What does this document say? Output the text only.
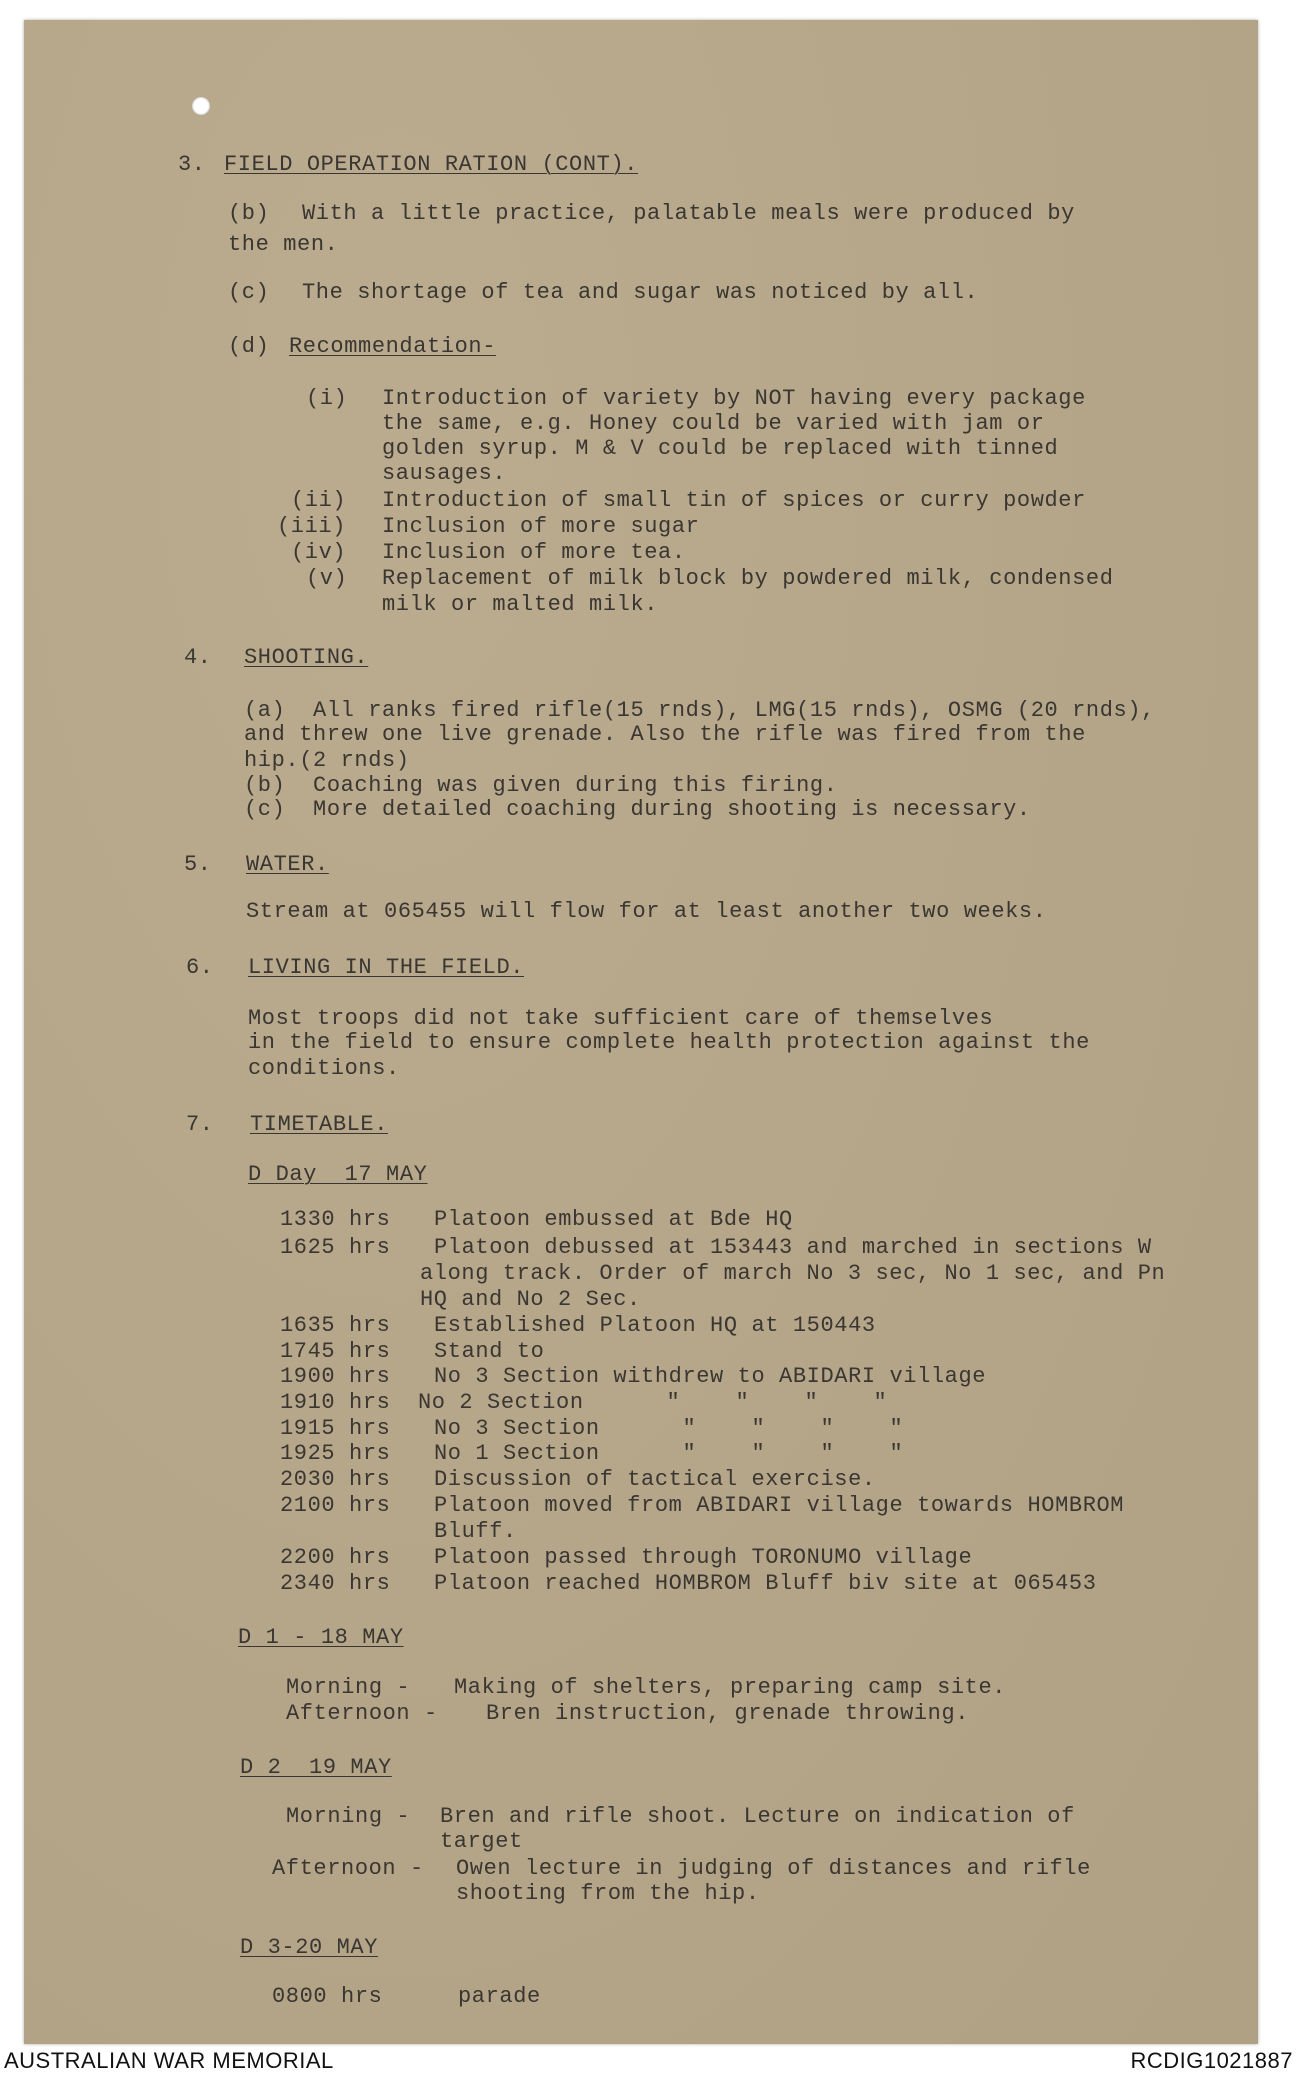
3. FIELD OPERATION RATION (CONT).
(b) With a little practice, palatable meals were produced by
the men.
(c) The shortage of tea and sugar was noticed by all.
(d) Recommendation-
(i) Introduction of variety by NOT having every package
the same, e.g. Honey could be varied with jam or
golden syrup. M & V could be replaced with tinned
sausages.
(ii) Introduction of small tin of spices or curry powder
(iii) Inclusion of more sugar
(iv) Inclusion of more tea.
(v) Replacement of milk block by powdered milk, condensed
milk or malted milk.
4. SHOOTING.
(a)  All ranks fired rifle(15 rnds), LMG(15 rnds), OSMG (20 rnds),
and threw one live grenade. Also the rifle was fired from the
hip.(2 rnds)
(b)  Coaching was given during this firing.
(c)  More detailed coaching during shooting is necessary.
5. WATER.
Stream at 065455 will flow for at least another two weeks.
6. LIVING IN THE FIELD.
Most troops did not take sufficient care of themselves
in the field to ensure complete health protection against the
conditions.
7. TIMETABLE.
D Day  17 MAY
1330 hrs Platoon embussed at Bde HQ
1625 hrs Platoon debussed at 153443 and marched in sections W
along track. Order of march No 3 sec, No 1 sec, and Pn
HQ and No 2 Sec.
1635 hrs Established Platoon HQ at 150443
1745 hrs Stand to
1900 hrs No 3 Section withdrew to ABIDARI village
1910 hrs No 2 Section      "    "    "    "
1915 hrs No 3 Section      "    "    "    "
1925 hrs No 1 Section      "    "    "    "
2030 hrs Discussion of tactical exercise.
2100 hrs Platoon moved from ABIDARI village towards HOMBROM
Bluff.
2200 hrs Platoon passed through TORONUMO village
2340 hrs Platoon reached HOMBROM Bluff biv site at 065453
D 1 - 18 MAY
Morning - Making of shelters, preparing camp site.
Afternoon - Bren instruction, grenade throwing.
D 2  19 MAY
Morning - Bren and rifle shoot. Lecture on indication of
target
Afternoon - Owen lecture in judging of distances and rifle
shooting from the hip.
D 3-20 MAY
0800 hrs	parade
AUSTRALIAN WAR MEMORIAL	RCDIG1021887
